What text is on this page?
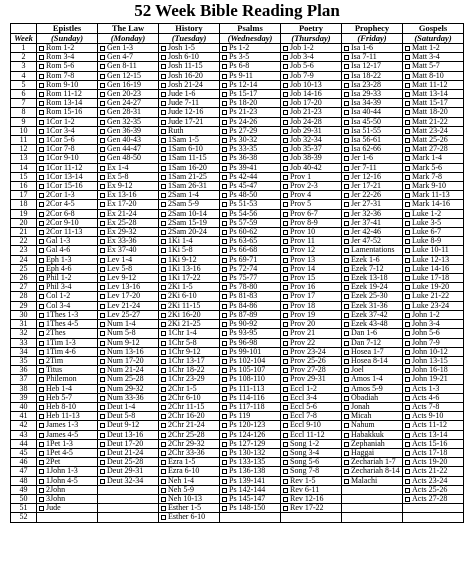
52 Week Bible Reading Plan
	Epistles	The Law	History	Psalms	Poetry	Prophecy	Gospels
Week	(Sunday)	(Monday)	(Tuesday)	(Wednesday)	(Thursday)	(Friday)	(Saturday)
1	Rom 1-2	Gen 1-3	Josh 1-5	Ps 1-2	Job 1-2	Isa 1-6	Matt 1-2
2	Rom 3-4	Gen 4-7	Josh 6-10	Ps 3-5	Job 3-4	Isa 7-11	Matt 3-4
3	Rom 5-6	Gen 8-11	Josh 11-15	Ps 6-8	Job 5-6	Isa 12-17	Matt 5-7
4	Rom 7-8	Gen 12-15	Josh 16-20	Ps 9-11	Job 7-9	Isa 18-22	Matt 8-10
5	Rom 9-10	Gen 16-19	Josh 21-24	Ps 12-14	Job 10-13	Isa 23-28	Matt 11-12
6	Rom 11-12	Gen 20-23	Jude 1-6	Ps 15-17	Job 14-16	Isa 29-33	Matt 13-14
7	Rom 13-14	Gen 24-27	Jude 7-11	Ps 18-20	Job 17-20	Isa 34-39	Matt 15-17
8	Rom 15-16	Gen 28-31	Jude 12-16	Ps 21-23	Job 21-23	Isa 40-44	Matt 18-20
9	1Cor 1-2	Gen 32-35	Jude 17-21	Ps 24-26	Job 24-28	Isa 45-50	Matt 21-22
10	1Cor 3-4	Gen 36-39	Ruth	Ps 27-29	Job 29-31	Isa 51-55	Matt 23-24
11	1Cor 5-6	Gen 40-43	1Sam 1-5	Ps 30-32	Job 32-34	Isa 56-61	Matt 25-26
12	1Cor 7-8	Gen 44-47	1Sam 6-10	Ps 33-35	Job 35-37	Isa 62-66	Matt 27-28
13	1Cor 9-10	Gen 48-50	1Sam 11-15	Ps 36-38	Job 38-39	Jer 1-6	Mark 1-4
14	1Cor 11-12	Ex 1-4	1Sam 16-20	Ps 39-41	Job 40-42	Jer 7-11	Mark 5-6
15	1Cor 13-14	Ex 5-8	1Sam 21-25	Ps 42-44	Prov 1	Jer 12-16	Mark 7-8
16	1Cor 15-16	Ex 9-12	1Sam 26-31	Ps 45-47	Prov 2-3	Jer 17-21	Mark 9-10
17	2Cor 1-3	Ex 13-16	2Sam 1-4	Ps 48-50	Prov 4	Jer 22-26	Mark 11-13
18	2Cor 4-5	Ex 17-20	2Sam 5-9	Ps 51-53	Prov 5	Jer 27-31	Mark 14-16
19	2Cor 6-8	Ex 21-24	2Sam 10-14	Ps 54-56	Prov 6-7	Jer 32-36	Luke 1-2
20	2Cor 9-10	Ex 25-28	2Sam 15-19	Ps 57-59	Prov 8-9	Jer 37-41	Luke 3-5
21	2Cor 11-13	Ex 29-32	2Sam 20-24	Ps 60-62	Prov 10	Jer 42-46	Luke 6-7
22	Gal 1-3	Ex 33-36	1Ki 1-4	Ps 63-65	Prov 11	Jer 47-52	Luke 8-9
23	Gal 4-6	Ex 37-40	1Ki 5-8	Ps 66-68	Prov 12	Lamentations	Luke 10-11
24	Eph 1-3	Lev 1-4	1Ki 9-12	Ps 69-71	Prov 13	Ezek 1-6	Luke 12-13
25	Eph 4-6	Lev 5-8	1Ki 13-16	Ps 72-74	Prov 14	Ezek 7-12	Luke 14-16
26	Phil 1-2	Lev 9-12	1Ki 17-22	Ps 75-77	Prov 15	Ezek 13-18	Luke 17-18
27	Phil 3-4	Lev 13-16	2Ki 1-5	Ps 78-80	Prov 16	Ezek 19-24	Luke 19-20
28	Col 1-2	Lev 17-20	2Ki 6-10	Ps 81-83	Prov 17	Ezek 25-30	Luke 21-22
29	Col 3-4	Lev 21-24	2Ki 11-15	Ps 84-86	Prov 18	Ezek 31-36	Luke 23-24
30	1Thes 1-3	Lev 25-27	2Ki 16-20	Ps 87-89	Prov 19	Ezek 37-42	John 1-2
31	1Thes 4-5	Num 1-4	2Ki 21-25	Ps 90-92	Prov 20	Ezek 43-48	John 3-4
32	2Thes	Num 5-8	1Chr 1-4	Ps 93-95	Prov 21	Dan 1-6	John 5-6
33	1Tim 1-3	Num 9-12	1Chr 5-8	Ps 96-98	Prov 22	Dan 7-12	John 7-9
34	1Tim 4-6	Num 13-16	1Chr 9-12	Ps 99-101	Prov 23-24	Hosea 1-7	John 10-12
35	2Tim	Num 17-20	1Chr 13-17	Ps 102-104	Prov 25-26	Hosea 8-14	John 13-15
36	Titus	Num 21-24	1Chr 18-22	Ps 105-107	Prov 27-28	Joel	John 16-18
37	Philemon	Num 25-28	1Chr 23-29	Ps 108-110	Prov 29-31	Amos 1-4	John 19-21
38	Heb 1-4	Num 29-32	2Chr 1-5	Ps 111-113	Eccl 1-2	Amos 5-9	Acts 1-3
39	Heb 5-7	Num 33-36	2Chr 6-10	Ps 114-116	Eccl 3-4	Obadiah	Acts 4-6
40	Heb 8-10	Deut 1-4	2Chr 11-15	Ps 117-118	Eccl 5-6	Jonah	Acts 7-8
41	Heb 11-13	Deut 5-8	2Chr 16-20	Ps 119	Eccl 7-8	Micah	Acts 9-10
42	James 1-3	Deut 9-12	2Chr 21-24	Ps 120-123	Eccl 9-10	Nahum	Acts 11-12
43	James 4-5	Deut 13-16	2Chr 25-28	Ps 124-126	Eccl 11-12	Habakkuk	Acts 13-14
44	1Pet 1-3	Deut 17-20	2Chr 29-32	Ps 127-129	Song 1-2	Zephaniah	Acts 15-16
45	1Pet 4-5	Deut 21-24	2Chr 33-36	Ps 130-132	Song 3-4	Haggai	Acts 17-18
46	2Pet	Deut 25-28	Ezra 1-5	Ps 133-135	Song 5-6	Zechariah 1-7	Acts 19-20
47	1John 1-3	Deut 29-31	Ezra 6-10	Ps 136-138	Song 7-8	Zechariah 8-14	Acts 21-22
48	1John 4-5	Deut 32-34	Neh 1-4	Ps 139-141	Rev 1-5	Malachi	Acts 23-24
49	2John		Neh 5-9	Ps 142-144	Rev 6-11		Acts 25-26
50	3John		Neh 10-13	Ps 145-147	Rev 12-16		Acts 27-28
51	Jude		Esther 1-5	Ps 148-150	Rev 17-22		
52			Esther 6-10				
